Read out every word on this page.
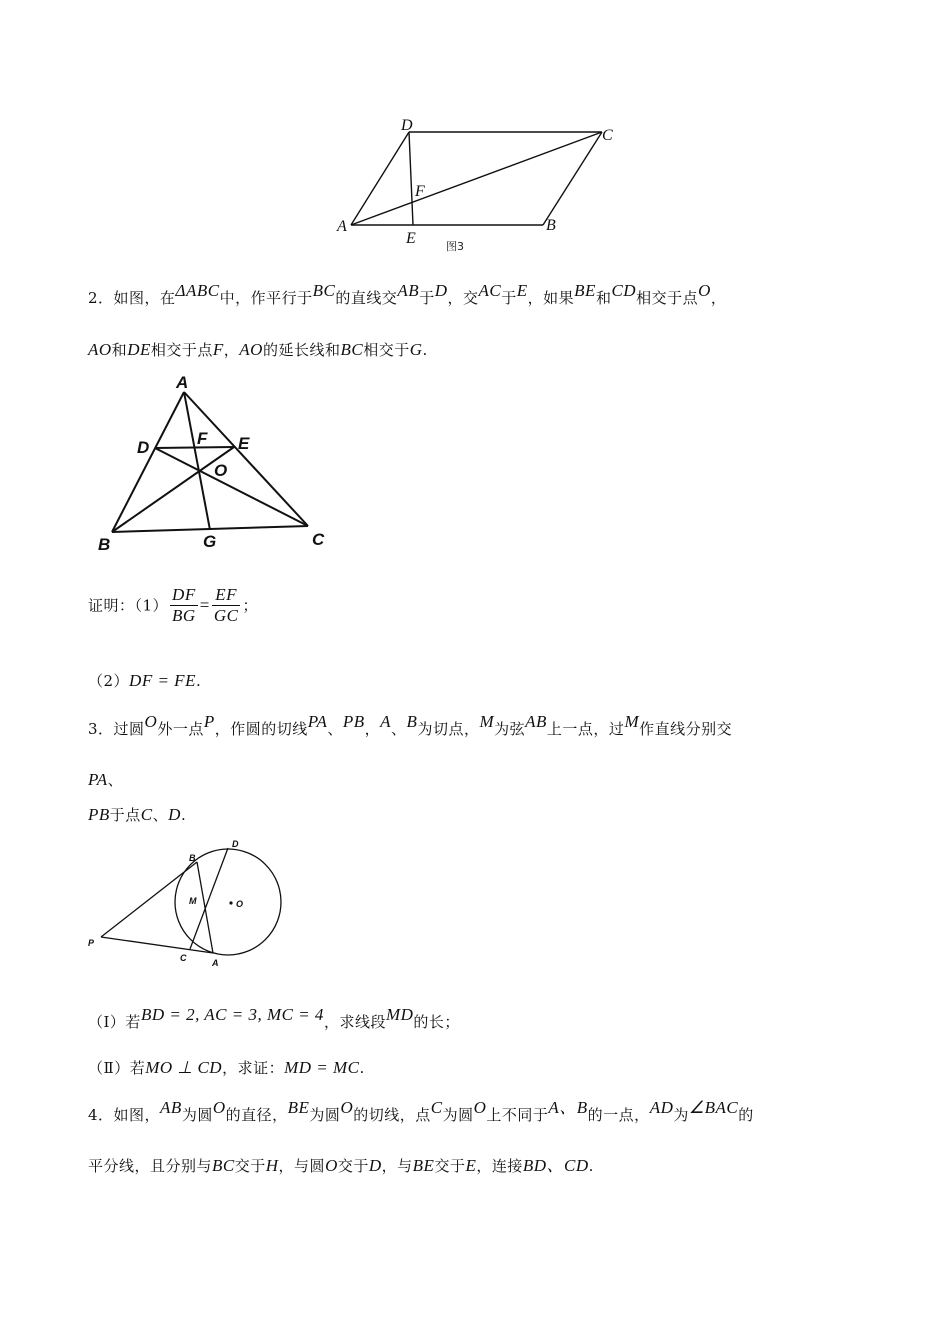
D
C
F
A	B
E	图3
2．如图，在ΔABC中，作平行于BC的直线交AB于D，交AC于E，如果BE和CD相交于点O，
AO和DE相交于点F，AO的延长线和BC相交于G.
A
D	F E
O
B	G	C
证明：$(1) \frac{DF}{BG} = \frac{EF}{GC}$ ；
（2）DF = FE.
3．过圆O外一点P，作圆的切线PA、PB，A、B为切点，M为弦AB上一点，过M作直线分别交
PA、
PB于点C、D.
B
D
M	O
P
C	A
（Ⅰ）若BD = 2, AC = 3, MC = 4，求线段MD的长；
（Ⅱ）若MO ⊥ CD，求证：MD = MC.
4．如图，AB为圆O的直径，BE为圆O的切线，点C为圆O上不同于A、B的一点，AD为∠BAC的
平分线，且分别与BC交于H，与圆O交于D，与BE交于E，连接BD、CD.
